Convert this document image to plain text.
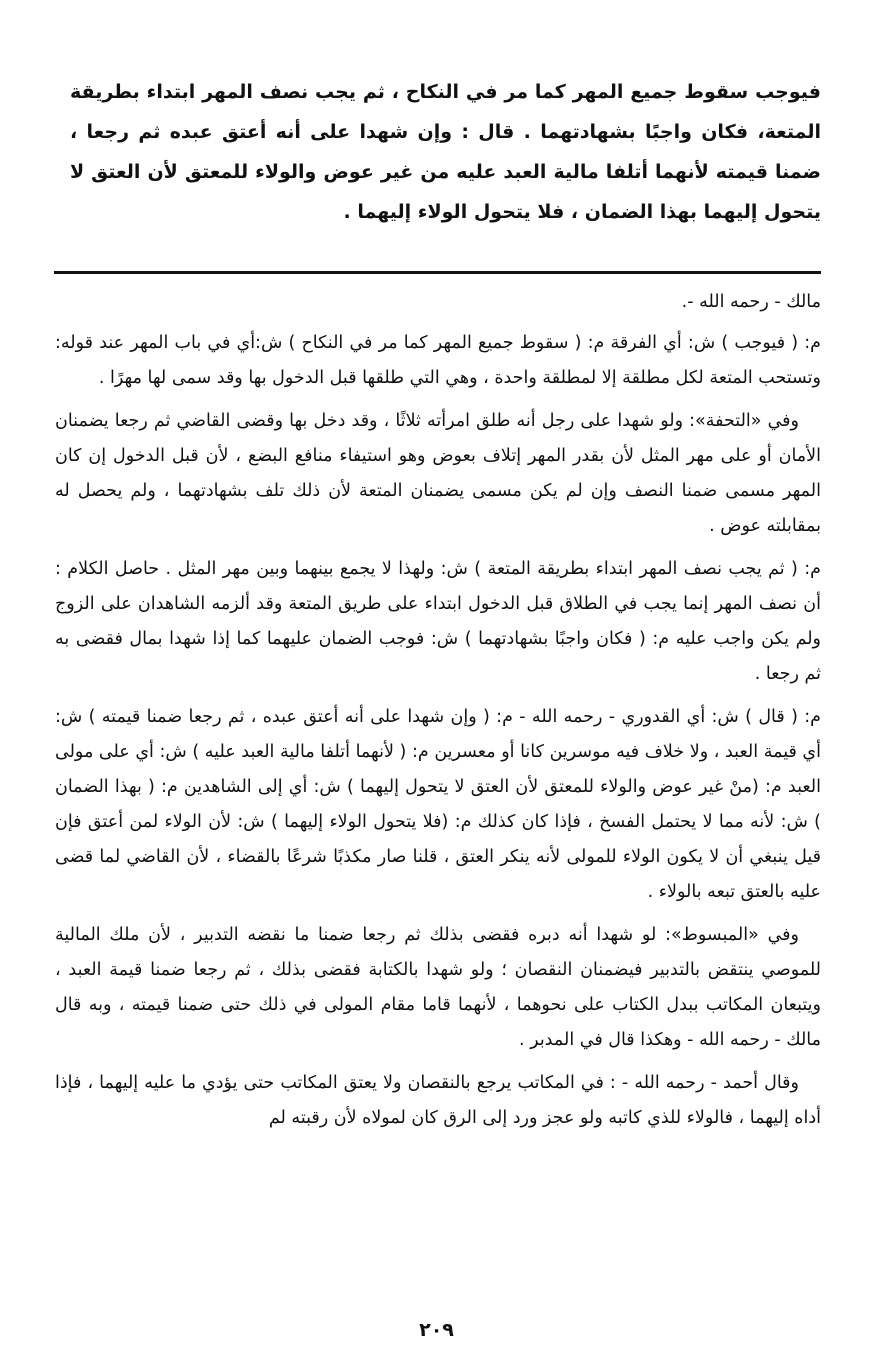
فيوجب سقوط جميع المهر كما مر في النكاح ، ثم يجب نصف المهر ابتداء بطريقة المتعة، فكان واجبًا بشهادتهما . قال : وإن شهدا على أنه أعتق عبده ثم رجعا ، ضمنا قيمته لأنهما أتلفا مالية العبد عليه من غير عوض والولاء للمعتق لأن العتق لا يتحول إليهما بهذا الضمان ، فلا يتحول الولاء إليهما .

مالك - رحمه الله -.

م: ( فيوجب ) ش: أي الفرقة م: ( سقوط جميع المهر كما مر في النكاح ) ش:أي في باب المهر عند قوله: وتستحب المتعة لكل مطلقة إلا لمطلقة واحدة ، وهي التي طلقها قبل الدخول بها وقد سمى لها مهرًا .

وفي «التحفة»: ولو شهدا على رجل أنه طلق امرأته ثلاثًا ، وقد دخل بها وقضى القاضي ثم رجعا يضمنان الأمان أو على مهر المثل لأن بقدر المهر إتلاف بعوض وهو استيفاء منافع البضع ، لأن قبل الدخول إن كان المهر مسمى ضمنا النصف وإن لم يكن مسمى يضمنان المتعة لأن ذلك تلف بشهادتهما ، ولم يحصل له بمقابلته عوض .

م: ( ثم يجب نصف المهر ابتداء بطريقة المتعة ) ش: ولهذا لا يجمع بينهما وبين مهر المثل . حاصل الكلام : أن نصف المهر إنما يجب في الطلاق قبل الدخول ابتداء على طريق المتعة وقد ألزمه الشاهدان على الزوج ولم يكن واجب عليه م: ( فكان واجبًا بشهادتهما ) ش: فوجب الضمان عليهما كما إذا شهدا بمال فقضى به ثم رجعا .

م: ( قال ) ش: أي القدوري - رحمه الله - م: ( وإن شهدا على أنه أعتق عبده ، ثم رجعا ضمنا قيمته ) ش: أي قيمة العبد ، ولا خلاف فيه موسرين كانا أو معسرين م: ( لأنهما أتلفا مالية العبد عليه ) ش: أي على مولى العبد م: (منْ غير عوض والولاء للمعتق لأن العتق لا يتحول إليهما ) ش: أي إلى الشاهدين م: ( بهذا الضمان ) ش: لأنه مما لا يحتمل الفسخ ، فإذا كان كذلك م: (فلا يتحول الولاء إليهما ) ش: لأن الولاء لمن أعتق فإن قيل ينبغي أن لا يكون الولاء للمولى لأنه ينكر العتق ، قلنا صار مكذبًا شرعًا بالقضاء ، لأن القاضي لما قضى عليه بالعتق تبعه بالولاء .

وفي «المبسوط»: لو شهدا أنه دبره فقضى بذلك ثم رجعا ضمنا ما نقضه التدبير ، لأن ملك المالية للموصي ينتقض بالتدبير فيضمنان النقصان ؛ ولو شهدا بالكتابة فقضى بذلك ، ثم رجعا ضمنا قيمة العبد ، ويتبعان المكاتب ببدل الكتاب على نحوهما ، لأنهما قاما مقام المولى في ذلك حتى ضمنا قيمته ، وبه قال مالك - رحمه الله - وهكذا قال في المدبر .

وقال أحمد - رحمه الله - : في المكاتب يرجع بالنقصان ولا يعتق المكاتب حتى يؤدي ما عليه إليهما ، فإذا أداه إليهما ، فالولاء للذي كاتبه ولو عجز ورد إلى الرق كان لمولاه لأن رقبته لم

٢٠٩
